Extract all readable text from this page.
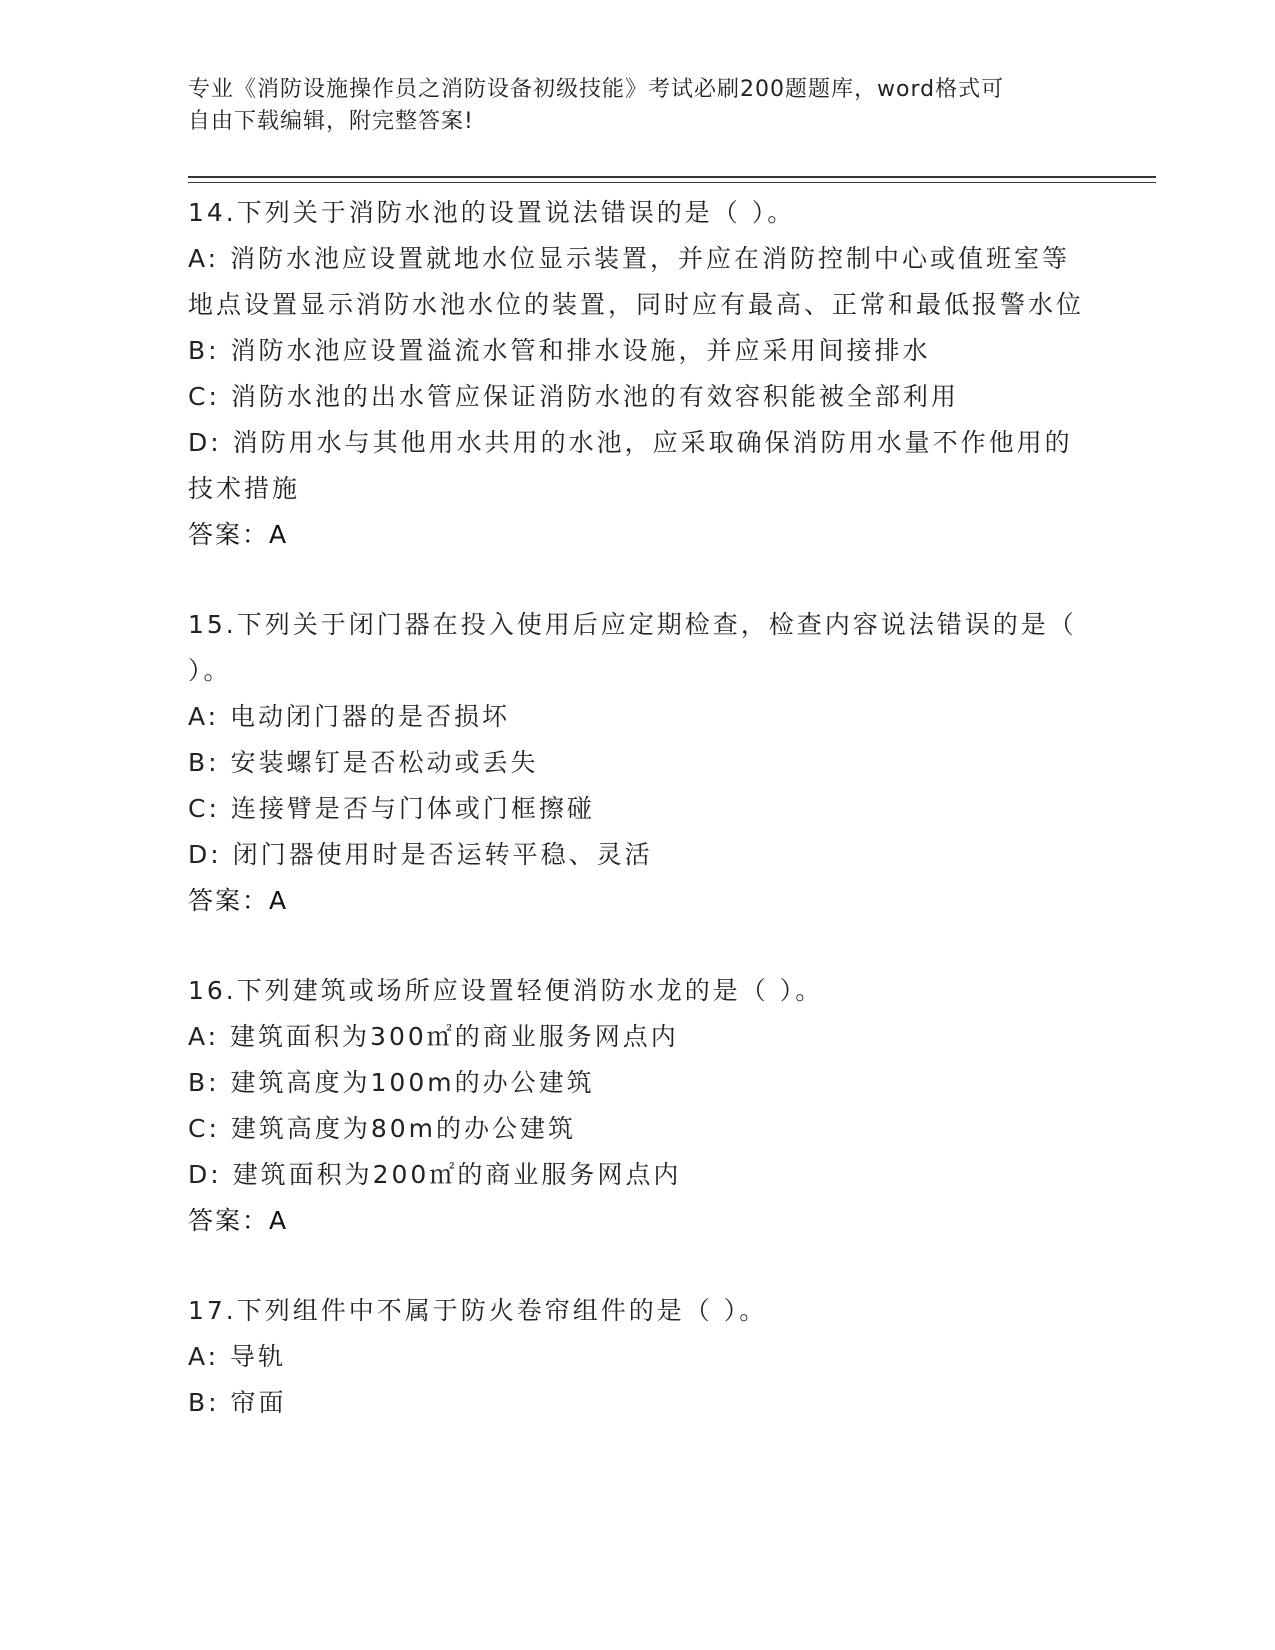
专业《消防设施操作员之消防设备初级技能》考试必刷200题题库，word格式可
自由下载编辑，附完整答案!

14.下列关于消防水池的设置说法错误的是（ ）。

A: 消防水池应设置就地水位显示装置，并应在消防控制中心或值班室等地点设置显示消防水池水位的装置，同时应有最高、正常和最低报警水位

B: 消防水池应设置溢流水管和排水设施，并应采用间接排水

C: 消防水池的出水管应保证消防水池的有效容积能被全部利用

D: 消防用水与其他用水共用的水池，应采取确保消防用水量不作他用的技术措施

答案：A

15.下列关于闭门器在投入使用后应定期检查，检查内容说法错误的是（ ）。

A: 电动闭门器的是否损坏

B: 安装螺钉是否松动或丢失

C: 连接臂是否与门体或门框擦碰

D: 闭门器使用时是否运转平稳、灵活

答案：A

16.下列建筑或场所应设置轻便消防水龙的是（ ）。

A: 建筑面积为300㎡的商业服务网点内

B: 建筑高度为100m的办公建筑

C: 建筑高度为80m的办公建筑

D: 建筑面积为200㎡的商业服务网点内

答案：A

17.下列组件中不属于防火卷帘组件的是（ ）。

A: 导轨

B: 帘面
